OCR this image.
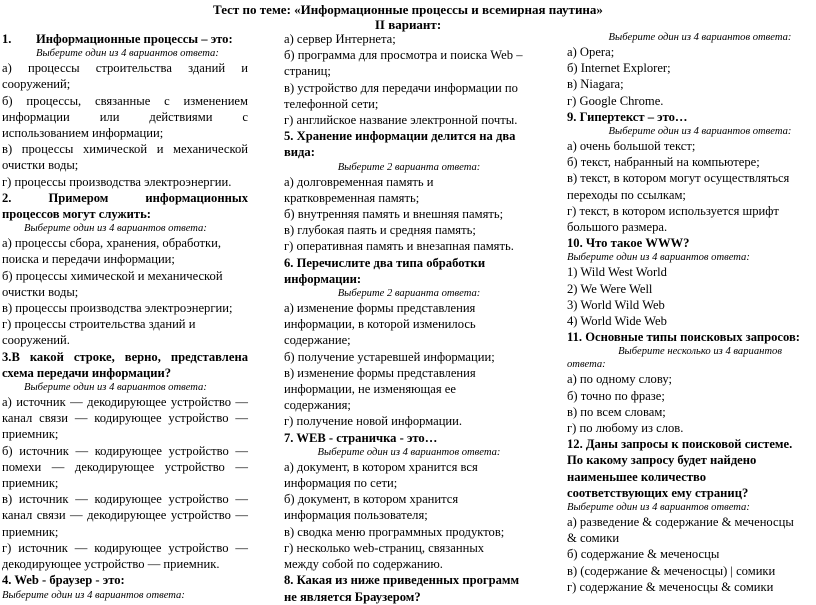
Тест по теме: «Информационные процессы и всемирная паутина»
II вариант:
1. Информационные процессы – это:
Выберите один из 4 вариантов ответа:
а) процессы строительства зданий и
сооружений;
б) процессы, связанные с изменением
информации или действиями с
использованием информации;
в) процессы химической и механической
очистки воды;
г) процессы производства электроэнергии.
2. Примером информационных
процессов могут служить:
Выберите один из 4 вариантов ответа:
а) процессы сбора, хранения, обработки,
поиска и передачи информации;
б) процессы химической и механической
очистки воды;
в) процессы производства электроэнергии;
г) процессы строительства зданий и
сооружений.
3.В какой строке, верно, представлена
схема передачи информации?
Выберите один из 4 вариантов ответа:
а) источник — декодирующее устройство —
канал связи — кодирующее устройство —
приемник;
б) источник — кодирующее устройство —
помехи — декодирующее устройство —
приемник;
в) источник — кодирующее устройство —
канал связи — декодирующее устройство —
приемник;
г) источник — кодирующее устройство —
декодирующее устройство — приемник.
4. Web - браузер - это:
Выберите один из 4 вариантов ответа:
а) сервер Интернета;
б) программа для просмотра и поиска Web –
страниц;
в) устройство для передачи информации по
телефонной сети;
г) английское название электронной почты.
5. Хранение информации делится на два
вида:
Выберите 2 варианта ответа:
а) долговременная память и
кратковременная память;
б) внутренняя память и внешняя память;
в) глубокая паять и средняя память;
г) оперативная память и внезапная память.
6. Перечислите два типа обработки
информации:
Выберите 2 варианта ответа:
а) изменение формы представления
информации, в которой изменилось
содержание;
б) получение устаревшей информации;
в) изменение формы представления
информации, не изменяющая ее
содержания;
г) получение новой информации.
7. WEB - страничка - это…
Выберите один из 4 вариантов ответа:
а) документ, в котором хранится вся
информация по сети;
б) документ, в котором хранится
информация пользователя;
в) сводка меню программных продуктов;
г) несколько web-страниц, связанных
между собой по содержанию.
8. Какая из ниже приведенных программ
не является Браузером?
Выберите один из 4 вариантов ответа:
а) Opera;
б) Internet Explorer;
в) Niagara;
г) Google Chrome.
9. Гипертекст – это…
Выберите один из 4 вариантов ответа:
а) очень большой текст;
б) текст, набранный на компьютере;
в) текст, в котором могут осуществляться
переходы по ссылкам;
г) текст, в котором используется шрифт
большого размера.
10. Что такое WWW?
Выберите один из 4 вариантов ответа:
1) Wild West World
2) We Were Well
3) World Wild Web
4) World Wide Web
11. Основные типы поисковых запросов:
Выберите несколько из 4 вариантов
ответа:
а) по одному слову;
б) точно по фразе;
в) по всем словам;
г) по любому из слов.
12. Даны запросы к поисковой системе.
По какому запросу будет найдено
наименьшее количество
соответствующих ему страниц?
Выберите один из 4 вариантов ответа:
а) разведение & содержание & меченосцы
& сомики
б) содержание & меченосцы
в) (содержание & меченосцы) | сомики
г) содержание & меченосцы & сомики
